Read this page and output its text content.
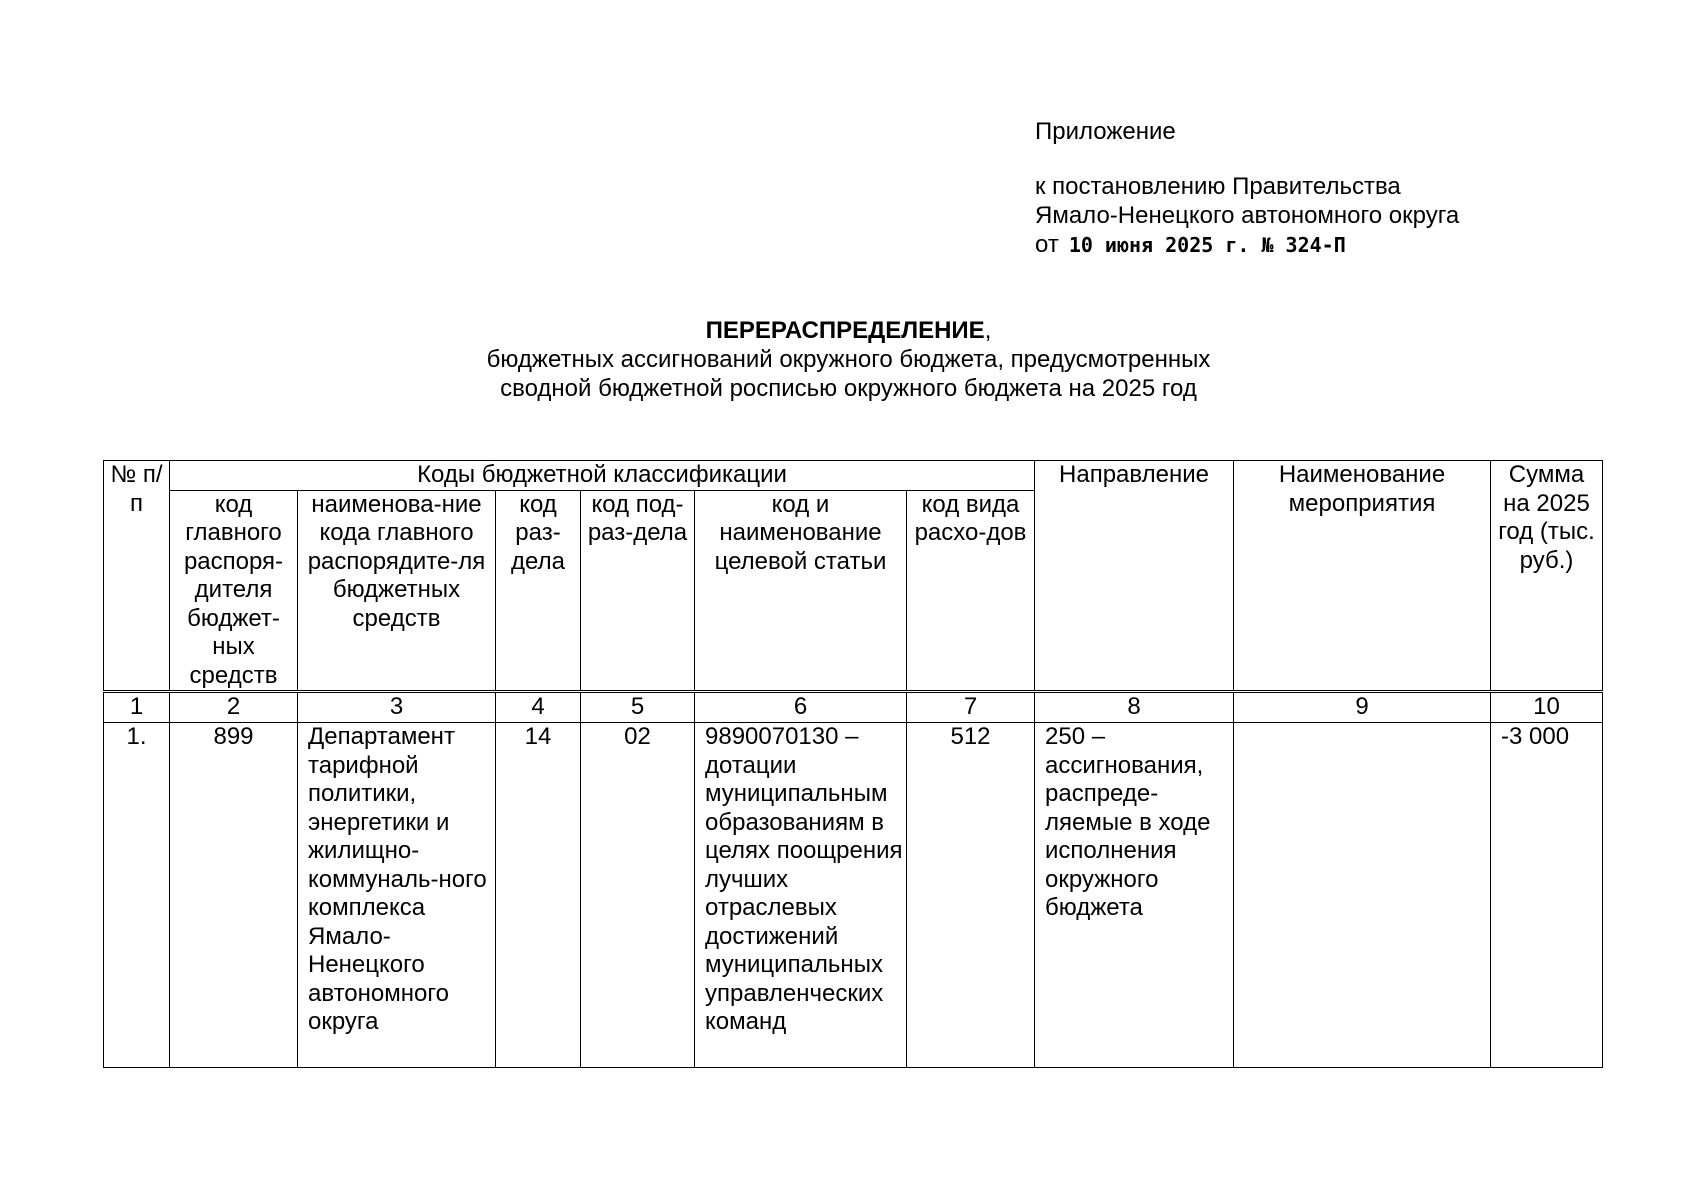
Приложение
к постановлению Правительства
Ямало-Ненецкого автономного округа
от 10 июня 2025 г. № 324-П
ПЕРЕРАСПРЕДЕЛЕНИЕ,
бюджетных ассигнований окружного бюджета, предусмотренных
сводной бюджетной росписью окружного бюджета на 2025 год
№ п/п	Коды бюджетной классификации						Направление	Наименование мероприятия	Сумма на 2025 год (тыс. руб.)
	код главного распоря-дителя бюджет-ных средств	наименова-ние кода главного распорядите-ля бюджетных средств	код раз-дела	код под-раз-дела	код и наименование целевой статьи	код вида расхо-дов			
1	2	3	4	5	6	7	8	9	10
1.	899	Департамент тарифной политики, энергетики и жилищно-коммуналь-ного комплекса Ямало-Ненецкого автономного округа	14	02	9890070130 – дотации муниципальным образованиям в целях поощрения лучших отраслевых достижений муниципальных управленческих команд	512	250 – ассигнования, распреде-ляемые в ходе исполнения окружного бюджета		-3 000
